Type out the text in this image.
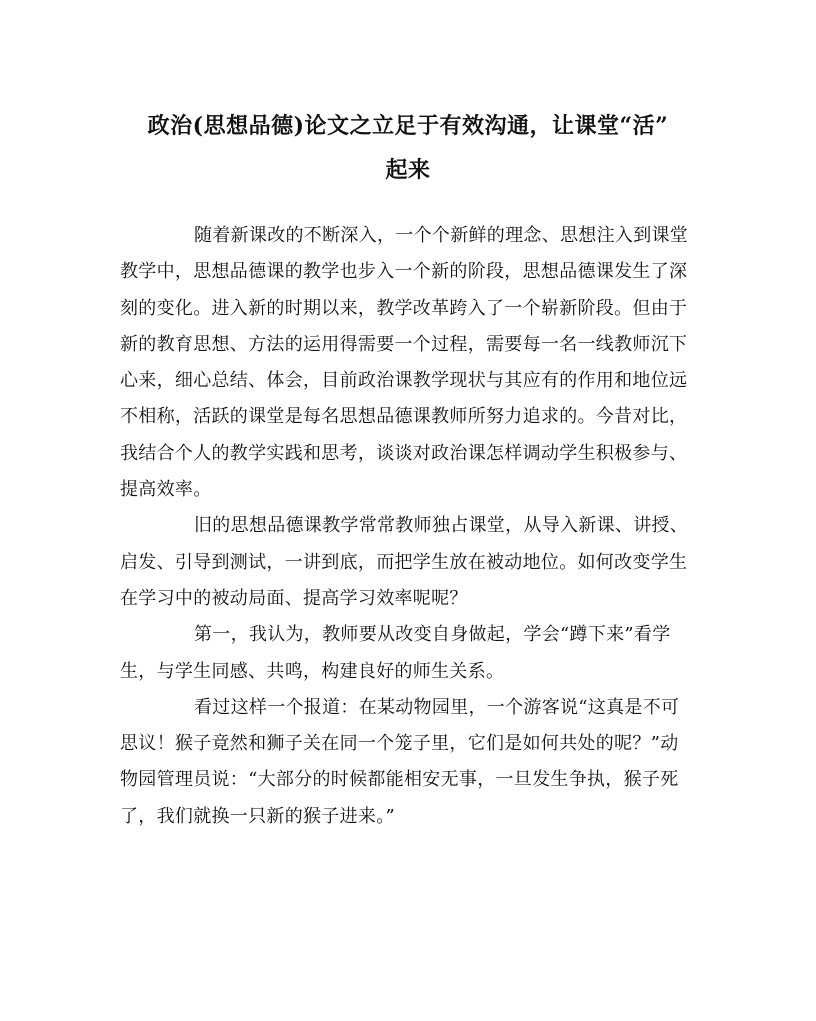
政治(思想品德)论文之立足于有效沟通，让课堂“活”
起来
随着新课改的不断深入，一个个新鲜的理念、思想注入到课堂
教学中，思想品德课的教学也步入一个新的阶段，思想品德课发生了深
刻的变化。进入新的时期以来，教学改革跨入了一个崭新阶段。但由于
新的教育思想、方法的运用得需要一个过程，需要每一名一线教师沉下
心来，细心总结、体会，目前政治课教学现状与其应有的作用和地位远
不相称，活跃的课堂是每名思想品德课教师所努力追求的。今昔对比，
我结合个人的教学实践和思考，谈谈对政治课怎样调动学生积极参与、
提高效率。
旧的思想品德课教学常常教师独占课堂，从导入新课、讲授、
启发、引导到测试，一讲到底，而把学生放在被动地位。如何改变学生
在学习中的被动局面、提高学习效率呢呢？
第一，我认为，教师要从改变自身做起，学会“蹲下来”看学
生，与学生同感、共鸣，构建良好的师生关系。
看过这样一个报道：在某动物园里，一个游客说“这真是不可
思议！猴子竟然和狮子关在同一个笼子里，它们是如何共处的呢？”动
物园管理员说：“大部分的时候都能相安无事，一旦发生争执，猴子死
了，我们就换一只新的猴子进来。”
